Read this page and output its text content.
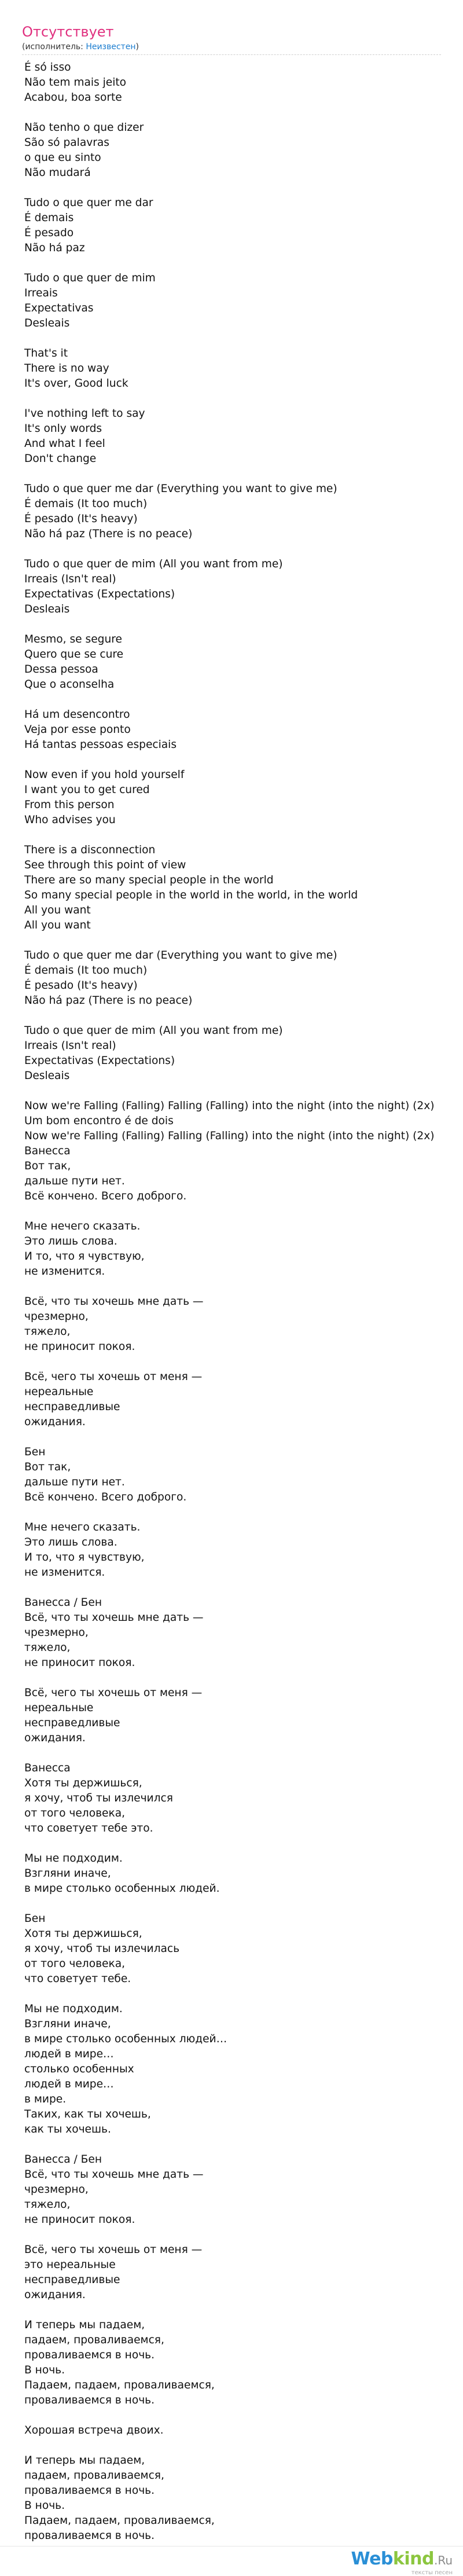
Отсутствует
(исполнитель: Неизвестен)
É só isso
Não tem mais jeito
Acabou, boa sorte
Não tenho o que dizer
São só palavras
o que eu sinto
Não mudará
Tudo o que quer me dar
É demais
É pesado
Não há paz
Tudo o que quer de mim
Irreais
Expectativas
Desleais
That's it
There is no way
It's over, Good luck
I've nothing left to say
It's only words
And what I feel
Don't change
Tudo o que quer me dar (Everything you want to give me)
É demais (It too much)
É pesado (It's heavy)
Não há paz (There is no peace)
Tudo o que quer de mim (All you want from me)
Irreais (Isn't real)
Expectativas (Expectations)
Desleais
Mesmo, se segure
Quero que se cure
Dessa pessoa
Que o aconselha
Há um desencontro
Veja por esse ponto
Há tantas pessoas especiais
Now even if you hold yourself
I want you to get cured
From this person
Who advises you
There is a disconnection
See through this point of view
There are so many special people in the world
So many special people in the world in the world, in the world
All you want
All you want
Tudo o que quer me dar (Everything you want to give me)
É demais (It too much)
É pesado (It's heavy)
Não há paz (There is no peace)
Tudo o que quer de mim (All you want from me)
Irreais (Isn't real)
Expectativas (Expectations)
Desleais
Now we're Falling (Falling) Falling (Falling) into the night (into the night) (2x)
Um bom encontro é de dois
Now we're Falling (Falling) Falling (Falling) into the night (into the night) (2x)
Ванесса
Вот так,
дальше пути нет.
Всё кончено. Всего доброго.
Мне нечего сказать.
Это лишь слова.
И то, что я чувствую,
не изменится.
Всё, что ты хочешь мне дать —
чрезмерно,
тяжело,
не приносит покоя.
Всё, чего ты хочешь от меня —
нереальные
несправедливые
ожидания.
Бен
Вот так,
дальше пути нет.
Всё кончено. Всего доброго.
Мне нечего сказать.
Это лишь слова.
И то, что я чувствую,
не изменится.
Ванесса / Бен
Всё, что ты хочешь мне дать —
чрезмерно,
тяжело,
не приносит покоя.
Всё, чего ты хочешь от меня —
нереальные
несправедливые
ожидания.
Ванесса
Хотя ты держишься,
я хочу, чтоб ты излечился
от того человека,
что советует тебе это.
Мы не подходим.
Взгляни иначе,
в мире столько особенных людей.
Бен
Хотя ты держишься,
я хочу, чтоб ты излечилась
от того человека,
что советует тебе.
Мы не подходим.
Взгляни иначе,
в мире столько особенных людей…
людей в мире…
столько особенных
людей в мире…
в мире.
Таких, как ты хочешь,
как ты хочешь.
Ванесса / Бен
Всё, что ты хочешь мне дать —
чрезмерно,
тяжело,
не приносит покоя.
Всё, чего ты хочешь от меня —
это нереальные
несправедливые
ожидания.
И теперь мы падаем,
падаем, проваливаемся,
проваливаемся в ночь.
В ночь.
Падаем, падаем, проваливаемся,
проваливаемся в ночь.
Хорошая встреча двоих.
И теперь мы падаем,
падаем, проваливаемся,
проваливаемся в ночь.
В ночь.
Падаем, падаем, проваливаемся,
проваливаемся в ночь.
Webkind.Ru
тексты песен
